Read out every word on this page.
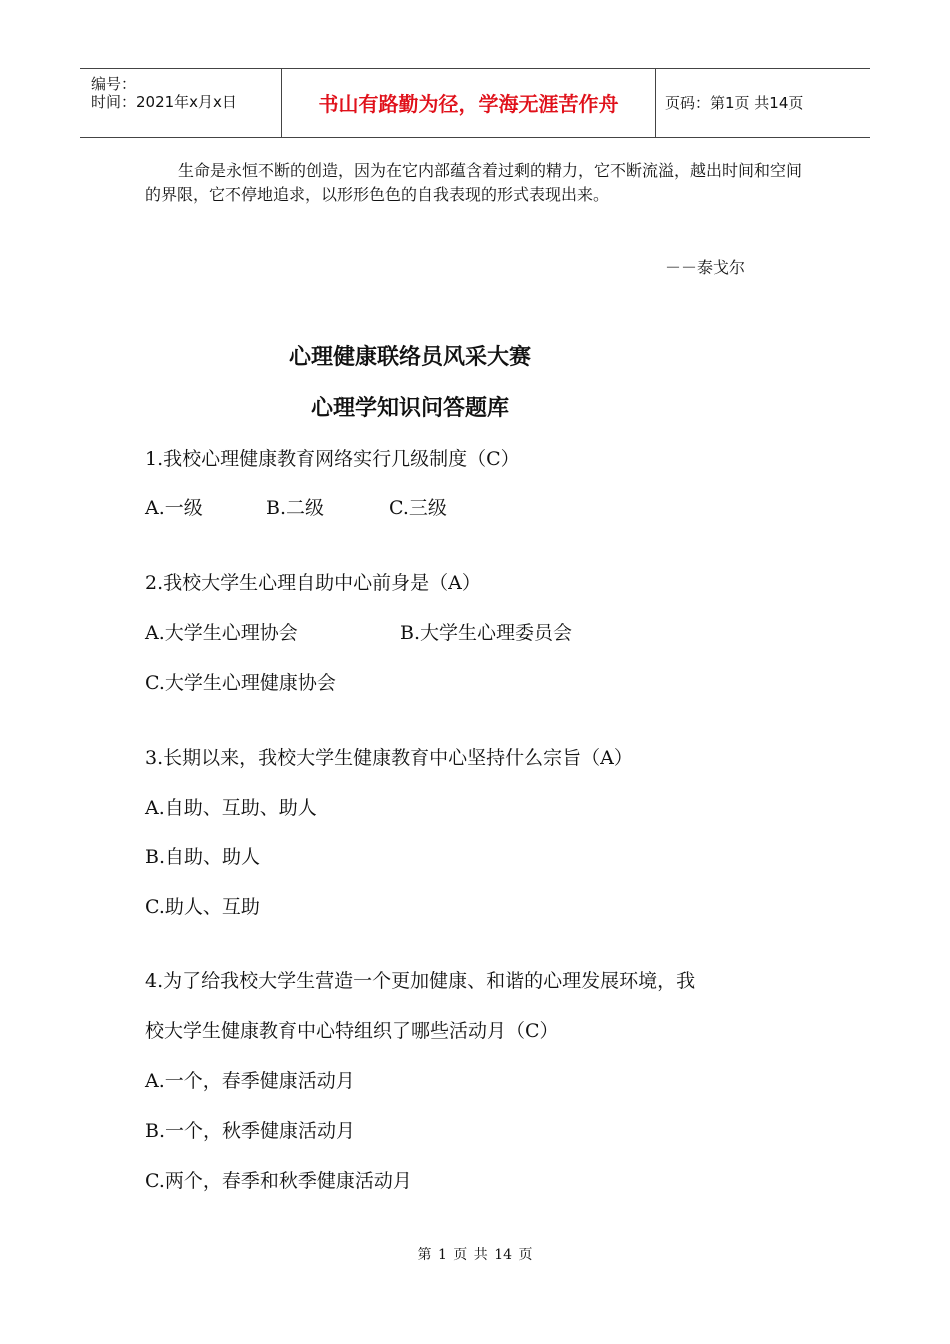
编号：
时间：2021年x月x日	书山有路勤为径，学海无涯苦作舟	页码：第1页 共14页
生命是永恒不断的创造，因为在它内部蕴含着过剩的精力，它不断流溢，越出时间和空间的界限，它不停地追求，以形形色色的自我表现的形式表现出来。
－－泰戈尔
心理健康联络员风采大赛
心理学知识问答题库
1.我校心理健康教育网络实行几级制度（C）
A.一级	B.二级	C.三级
2.我校大学生心理自助中心前身是（A）
A.大学生心理协会	B.大学生心理委员会
C.大学生心理健康协会
3.长期以来，我校大学生健康教育中心坚持什么宗旨（A）
A.自助、互助、助人
B.自助、助人
C.助人、互助
4.为了给我校大学生营造一个更加健康、和谐的心理发展环境，我
校大学生健康教育中心特组织了哪些活动月（C）
A.一个，春季健康活动月
B.一个，秋季健康活动月
C.两个，春季和秋季健康活动月
第 1 页 共 14 页
